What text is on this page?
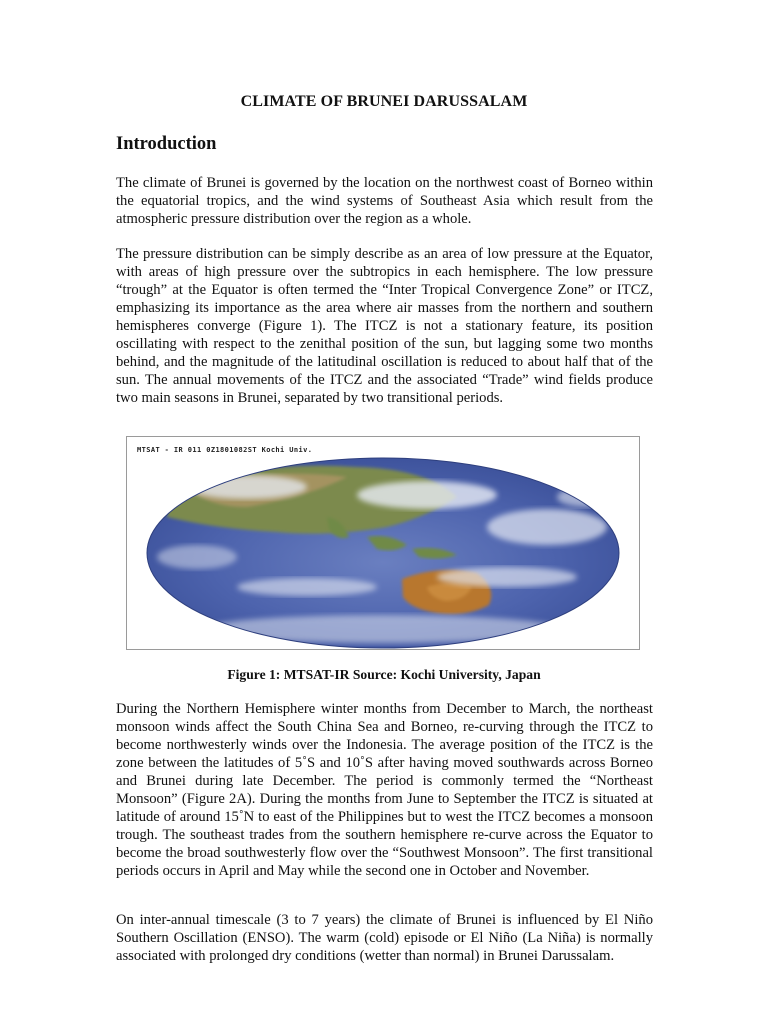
CLIMATE OF BRUNEI DARUSSALAM
Introduction

The climate of Brunei is governed by the location on the northwest coast of Borneo within the equatorial tropics, and the wind systems of Southeast Asia which result from the atmospheric pressure distribution over the region as a whole.

The pressure distribution can be simply describe as an area of low pressure at the Equator, with areas of high pressure over the subtropics in each hemisphere. The low pressure “trough” at the Equator is often termed the “Inter Tropical Convergence Zone” or ITCZ, emphasizing its importance as the area where air masses from the northern and southern hemispheres converge (Figure 1). The ITCZ is not a stationary feature, its position oscillating with respect to the zenithal position of the sun, but lagging some two months behind, and the magnitude of the latitudinal oscillation is reduced to about half that of the sun. The annual movements of the ITCZ and the associated “Trade” wind fields produce two main seasons in Brunei, separated by two transitional periods.

MTSAT - IR 011 0Z1801082ST Kochi Univ.
Figure 1: MTSAT-IR Source: Kochi University, Japan

During the Northern Hemisphere winter months from December to March, the northeast monsoon winds affect the South China Sea and Borneo, re-curving through the ITCZ to become northwesterly winds over the Indonesia. The average position of the ITCZ is the zone between the latitudes of 5˚S and 10˚S after having moved southwards across Borneo and Brunei during late December. The period is commonly termed the “Northeast Monsoon” (Figure 2A). During the months from June to September the ITCZ is situated at latitude of around 15˚N to east of the Philippines but to west the ITCZ becomes a monsoon trough. The southeast trades from the southern hemisphere re-curve across the Equator to become the broad southwesterly flow over the “Southwest Monsoon”. The first transitional periods occurs in April and May while the second one in October and November.

On inter-annual timescale (3 to 7 years) the climate of Brunei is influenced by El Niño Southern Oscillation (ENSO). The warm (cold) episode or El Niño (La Niña) is normally associated with prolonged dry conditions (wetter than normal) in Brunei Darussalam.
